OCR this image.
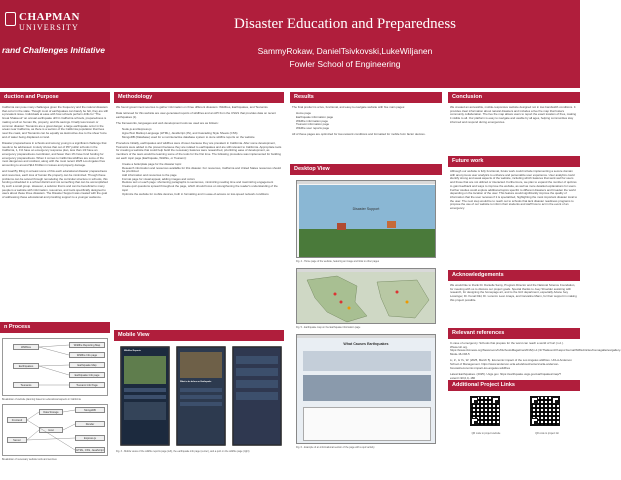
CHAPMAN
UNIVERSITY
rand Challenges Initiative
Disaster Education and Preparedness
SammyRokaw, DanielTsivkovski,LukeWiljanen
Fowler School of Engineering
duction and Purpose

California can pose many challenges given the frequency and the natural disasters that occur in the state. Though most of earthquakes can barely be felt, they are still a prevalent issue. Individuals at ease with how schools perform drills for "The Great Shakeout" an annual earthquake drill in California schools, preparedness is making a toll on human life, property, and life savings. Finally less known or common disaster: Tsunamis are a great danger, a large earthquake occur in the ocean near California, as there is a section of the California population that lives near the coast, and Tsunamis can be equally as destructive due to the sheer force and of water being displaced on land.

Disaster preparedness in schools and among young is a significant challenge that needs to be addressed. A study shows that out of 357 public schools in the California, 1, 1% have an emergency response plan, less than 1/3 have an emergency preparedness coordinator, and fewer than 1% have fund funding for emergency preparedness. When it comes to California wildfires are some of the most dangerous and costliest, along with the most recent 2025 Los Angeles fires amounting to around $14.8 billion in losses and property damage.

and Goal By filling in at least some of this each educational disaster preparedness and resources, each loss of human life property can be minimized. Though these problems can be solved through remodeling the curricular structure in schools, this funding embedded in a school district and not something that can be accomplished by such a small group. However, a solution that is and can be beneficial to many people is a website with information, resources, and tools specifically designed to users about these three disasters. The Disaster Support was created with the goal of addressing these educational and providing support to a younger audience.

n Process
Wildfires
Earthquakes
Tsunamis
Wildfire Reporting Map
Wildfire Info page
Earthquake Map
Earthquake Info page
Tsunami Info Page
Breakdown of website planning based on educational aspects in California
Frontend
Server
Data Storage
Host
MongoDB
Render
Express.js
HTML, CSS, JavaScript
Breakdown of necessary website tools and services
Methodology

We found government sources to gather information on three different disasters: Wildfires, Earthquakes, and Tsunamis.

Data retrieved for this website are user-generated reports of wildfires and an API from the USGS that provides data on recent earthquakes (1).

The frameworks, languages and web development tools we used are as follows:

Node.js and Express.js
HyperText Markup Language (HTML), JavaScript (JS), and Cascading Style Sheets (CSS)
MongoDB (Database) used for a noninteractive database system to store wildfire reports on the website

Procedure Initially, earthquakes and wildfires were chosen because they are prevalent in California. After some development, Tsunamis were added to the present because they are related to earthquakes and are still relevant to California. Appropriate tools for creating a website that could help build the necessary features were researched, prioritizing ease of development, as members of the team would be learning some of the tools for the first time. The following procedure was implemented for building out each topic page (Earthquake, Wildfire, or Tsunami):

Create a boilerplate page for the disaster topic
Research information and resources available for this disaster. For resources, California and United States resources should be prioritized
Add information and resources to the page
Format page for visual appeal, adding images and colors
Reduce text on each page: shortening paragraphs to sentences, minimizing reading time and maximizing engagement
Create quiz questions spread throughout the page, which should focus on strengthening the reader's understanding of the topic
Optimize the website for mobile devices, both in formatting and in ease-of-access on low-speed network conditions

Mobile View
Wildfire Reports
What to do before an Earthquake
Fig. 3 - Mobile views of the wildfire reports page (left), the earthquake info page (center), and a quiz on the wildfire page (right)
Results

The final product is a live, functional, and easy-to-navigate website with five main pages:

Home page
Earthquake information page
Wildfire information page
Tsunami information page
Wildfire user reports page

All of these pages are optimized for low-network conditions and formatted for mobile form factor devices.

Desktop View
Disaster Support
Fig. 4 - Home page of the website, featuring an image and links to other pages
Fig. 5 - Earthquake map on the Earthquake information page
What Causes Earthquakes
Fig. 6 - Example of an informational section of the page with a quiz activity
Conclusion
We created an accessible, mobile-responsive website designed not in low-bandwidth conditions. It provides clear information about natural disasters and includes a live fire map that fosters community collaboration. The live fire map allows users to report the exact location of fires, making it visible to all. Our platform is easy to navigate and usable by all ages, helping communities stay informed and respond during emergencies.
Future work
Although our website is fully functional, future work could include implementing a secure domain with anonymous user analytics to enhance and personalize user experience. User analytics could identify strong and weak aspects of the website, including which features that work well for users and those that are not utilized or interacted. Furthermore, we plan to expand the number of quizzes to gain feedback and ways to improve the website, as well as more detailed explanations for users. Further studies could explore additional topics specific to different disasters and broaden the world depending on the location of the user. This feature would significantly improve the quality of information that the user receives if it is specialized, highlighting the most important disaster local to the user. The next step would be to reach out to schools that lack disaster readiness programs to propose the use of our website to inform their students and staff how to act in the event of an emergency.
Acknowledgements
We would like to thank Dr. Danielle Samy, Program Director and the National Science Foundation, for meeting with us to discuss our project goals. Special thanks to Joey Shoelder assisting with research, for designing the homepage art, and to the GCI department, especially Ariane Ivey Lossinger, Dr. Kunal Dikl, Dr. Lorenzo Leon Anaya, and Carvatine Mann, for their support in making this project possible.
Relevant references

In case of emergency: Schools that prepare for the worst can reach a world of hurt (n.d.). Www.cdc.org. https://www.nbcnews.org/Newsroom/CASchoolsMagazine/2016/(n.d.)/InTheEventOf.aspx/Journal/SMGArticles/Cemagalleries/gallery-Mode-16-OM-5

Li, Z., & Yu, W. (2025, March 5). Economic impact of the Los Angeles wildfires. UCLA Anderson School of Management. https://www.anderson.ucla.edu/about/centers/ucla-anderson-forecast/economic-impact-los-angeles-wildfires

Latest Earthquakes. (2025). Usgs.gov. https://earthquake.usgs.gov/earthquakes/map/?extent=-90,0,0,-180

Additional Project Links
QR code to project website	QR code to project Git
